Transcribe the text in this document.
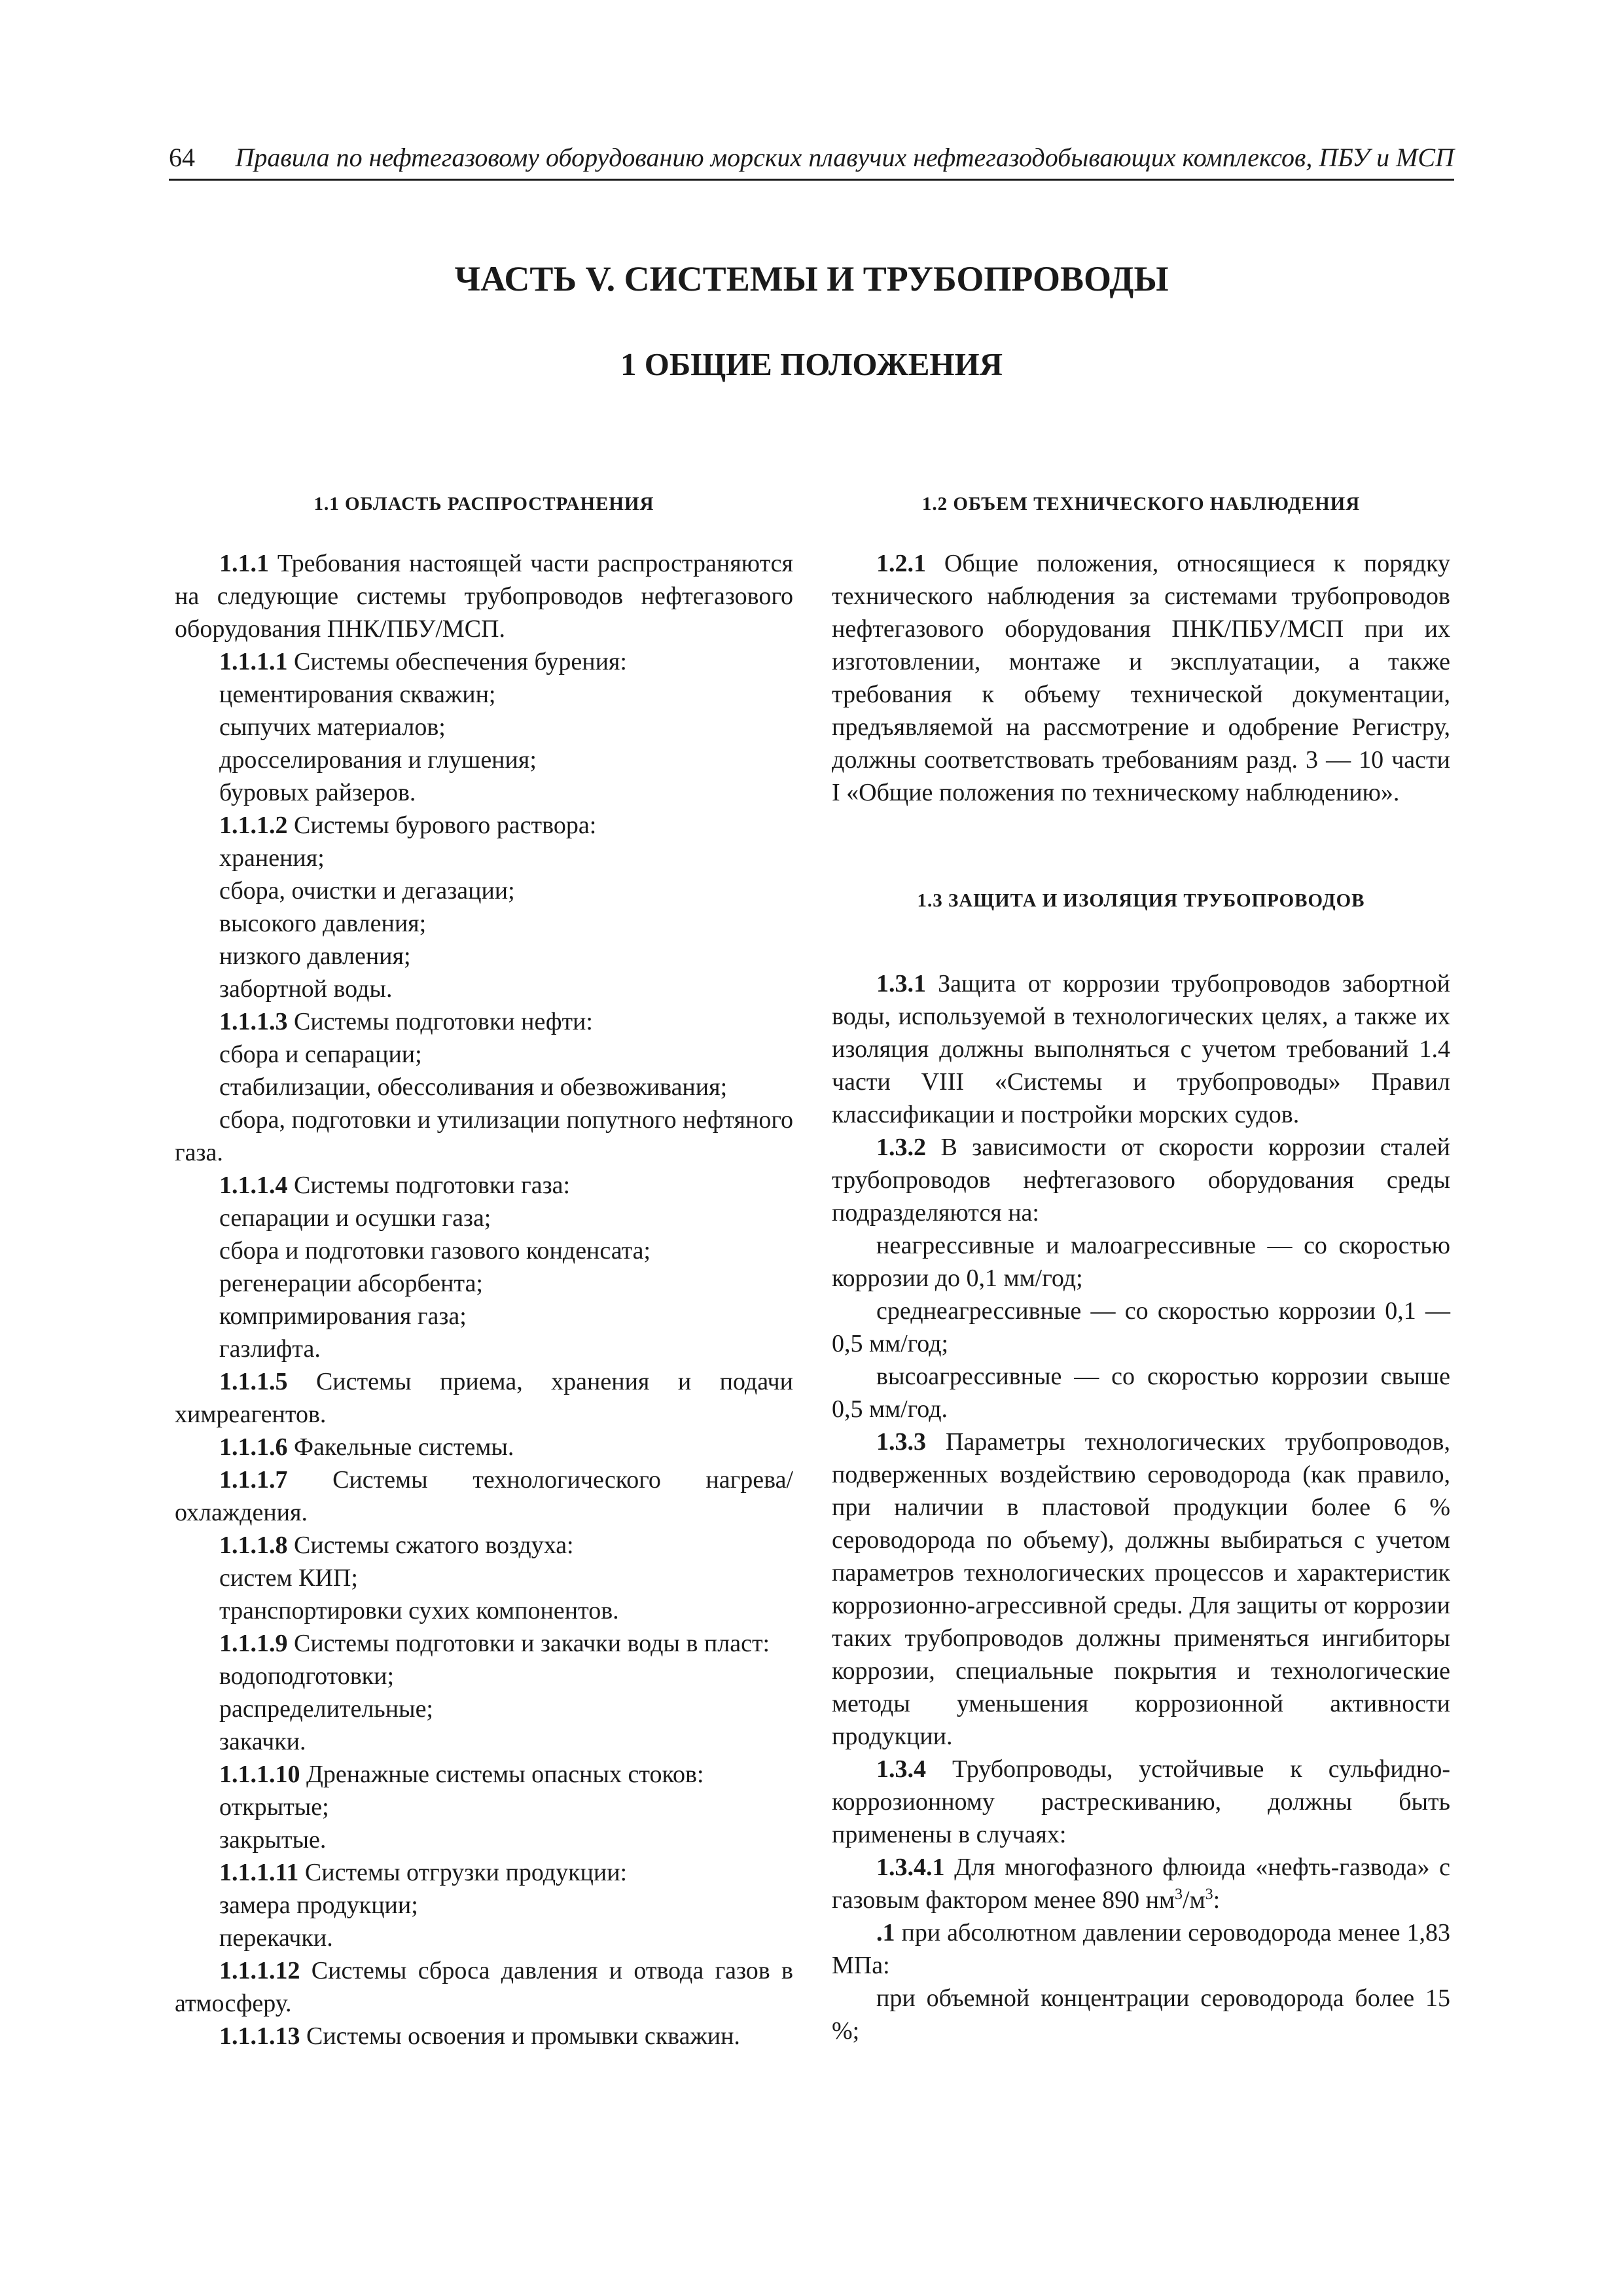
64 Правила по нефтегазовому оборудованию морских плавучих нефтегазодобывающих комплексов, ПБУ и МСП
ЧАСТЬ V. СИСТЕМЫ И ТРУБОПРОВОДЫ
1 ОБЩИЕ ПОЛОЖЕНИЯ

1.1 ОБЛАСТЬ РАСПРОСТРАНЕНИЯ

1.1.1 Требования настоящей части распространяются на следующие системы трубопроводов нефтегазового оборудования ПНК/ПБУ/МСП.

1.1.1.1 Системы обеспечения бурения:

цементирования скважин;

сыпучих материалов;

дросселирования и глушения;

буровых райзеров.

1.1.1.2 Системы бурового раствора:

хранения;

сбора, очистки и дегазации;

высокого давления;

низкого давления;

забортной воды.

1.1.1.3 Системы подготовки нефти:

сбора и сепарации;

стабилизации, обессоливания и обезвоживания;

сбора, подготовки и утилизации попутного нефтяного газа.

1.1.1.4 Системы подготовки газа:

сепарации и осушки газа;

сбора и подготовки газового конденсата;

регенерации абсорбента;

компримирования газа;

газлифта.

1.1.1.5 Системы приема, хранения и подачи химреагентов.

1.1.1.6 Факельные системы.

1.1.1.7 Системы технологического нагрева/ охлаждения.

1.1.1.8 Системы сжатого воздуха:

систем КИП;

транспортировки сухих компонентов.

1.1.1.9 Системы подготовки и закачки воды в пласт:

водоподготовки;

распределительные;

закачки.

1.1.1.10 Дренажные системы опасных стоков:

открытые;

закрытые.

1.1.1.11 Системы отгрузки продукции:

замера продукции;

перекачки.

1.1.1.12 Системы сброса давления и отвода газов в атмосферу.

1.1.1.13 Системы освоения и промывки скважин.

1.2 ОБЪЕМ ТЕХНИЧЕСКОГО НАБЛЮДЕНИЯ

1.2.1 Общие положения, относящиеся к порядку технического наблюдения за системами трубопроводов нефтегазового оборудования ПНК/ПБУ/МСП при их изготовлении, монтаже и эксплуатации, а также требования к объему технической документации, предъявляемой на рассмотрение и одобрение Регистру, должны соответствовать требованиям разд. 3 — 10 части I «Общие положения по техническому наблюдению».

1.3 ЗАЩИТА И ИЗОЛЯЦИЯ ТРУБОПРОВОДОВ

1.3.1 Защита от коррозии трубопроводов забортной воды, используемой в технологических целях, а также их изоляция должны выполняться с учетом требований 1.4 части VIII «Системы и трубопроводы» Правил классификации и постройки морских судов.

1.3.2 В зависимости от скорости коррозии сталей трубопроводов нефтегазового оборудования среды подразделяются на:

неагрессивные и малоагрессивные — со скоростью коррозии до 0,1 мм/год;

среднеагрессивные — со скоростью коррозии 0,1 — 0,5 мм/год;

высоагрессивные — со скоростью коррозии свыше 0,5 мм/год.

1.3.3 Параметры технологических трубопроводов, подверженных воздействию сероводорода (как правило, при наличии в пластовой продукции более 6 % сероводорода по объему), должны выбираться с учетом параметров технологических процессов и характеристик коррозионно-агрессивной среды. Для защиты от коррозии таких трубопроводов должны применяться ингибиторы коррозии, специальные покрытия и технологические методы уменьшения коррозионной активности продукции.

1.3.4 Трубопроводы, устойчивые к сульфидно-коррозионному растрескиванию, должны быть применены в случаях:

1.3.4.1 Для многофазного флюида «нефть-газвода» с газовым фактором менее 890 $нм^3/м^3$:

.1 при абсолютном давлении сероводорода менее 1,83 МПа:

при объемной концентрации сероводорода более 15 %;
